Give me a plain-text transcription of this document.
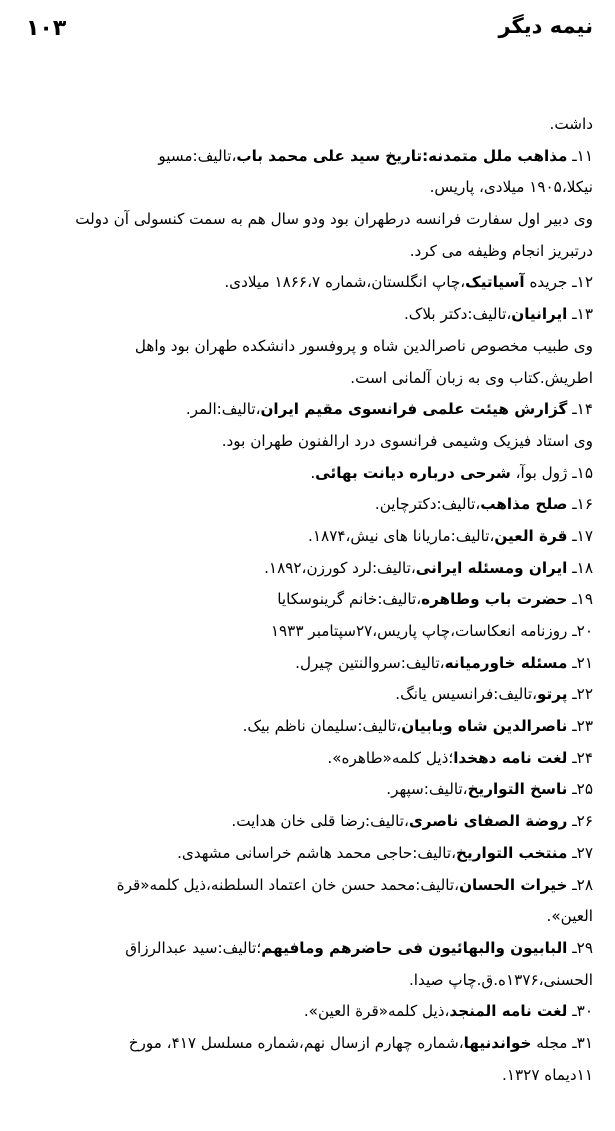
نیمه دیگر
۱۰۳
داشت.
۱۱ـ مذاهب ملل متمدنه:تاریخ سید علی محمد باب،تالیف:مسیو
نیکلا،۱۹۰۵ میلادی، پاریس.
وی دبیر اول سفارت فرانسه درطهران بود ودو سال هم به سمت کنسولی آن دولت
درتبریز انجام وظیفه می کرد.
۱۲ـ جریده آسیاتیک،چاپ انگلستان،شماره ۱۸۶۶،۷ میلادی.
۱۳ـ ایرانیان،تالیف:دکتر بلاک.
وی طبیب مخصوص ناصرالدین شاه و پروفسور دانشکده طهران بود واهل
اطریش.کتاب وی به زبان آلمانی است.
۱۴ـ گزارش هیئت علمی فرانسوی مقیم ایران،تالیف:المر.
وی استاد فیزیک وشیمی فرانسوی درد ارالفنون طهران بود.
۱۵ـ ژول بوآ، شرحی درباره دیانت بهائی.
۱۶ـ صلح مذاهب،تالیف:دکترچاین.
۱۷ـ قرة العین،تالیف:ماریانا های نیش،۱۸۷۴.
۱۸ـ ایران ومسئله ایرانی،تالیف:لرد کورزن،۱۸۹۲.
۱۹ـ حضرت باب وطاهره،تالیف:خانم گرینوسکایا
۲۰ـ روزنامه انعکاسات،چاپ پاریس،۲۷سپتامبر ۱۹۳۳
۲۱ـ مسئله خاورمیانه،تالیف:سروالنتین چیرل.
۲۲ـ پرتو،تالیف:فرانسیس یانگ.
۲۳ـ ناصرالدین شاه وبابیان،تالیف:سلیمان ناظم بیک.
۲۴ـ لغت نامه دهخدا؛ذیل کلمه«طاهره».
۲۵ـ ناسخ التواریخ،تالیف:سپهر.
۲۶ـ روضة الصفای ناصری،تالیف:رضا قلی خان هدایت.
۲۷ـ منتخب التواریخ،تالیف:حاجی محمد هاشم خراسانی مشهدی.
۲۸ـ خیرات الحسان،تالیف:محمد حسن خان اعتماد السلطنه،ذیل کلمه«قرة
العین».
۲۹ـ البابیون والبهائیون فی حاضرهم ومافیهم؛تالیف:سید عبدالرزاق
الحسنی،۱۳۷۶ه.ق.چاپ صیدا.
۳۰ـ لغت نامه المنجد،ذیل کلمه«قرة العین».
۳۱ـ مجله خواندنیها،شماره چهارم ازسال نهم،شماره مسلسل ۴۱۷، مورخ
۱۱دیماه ۱۳۲۷.
